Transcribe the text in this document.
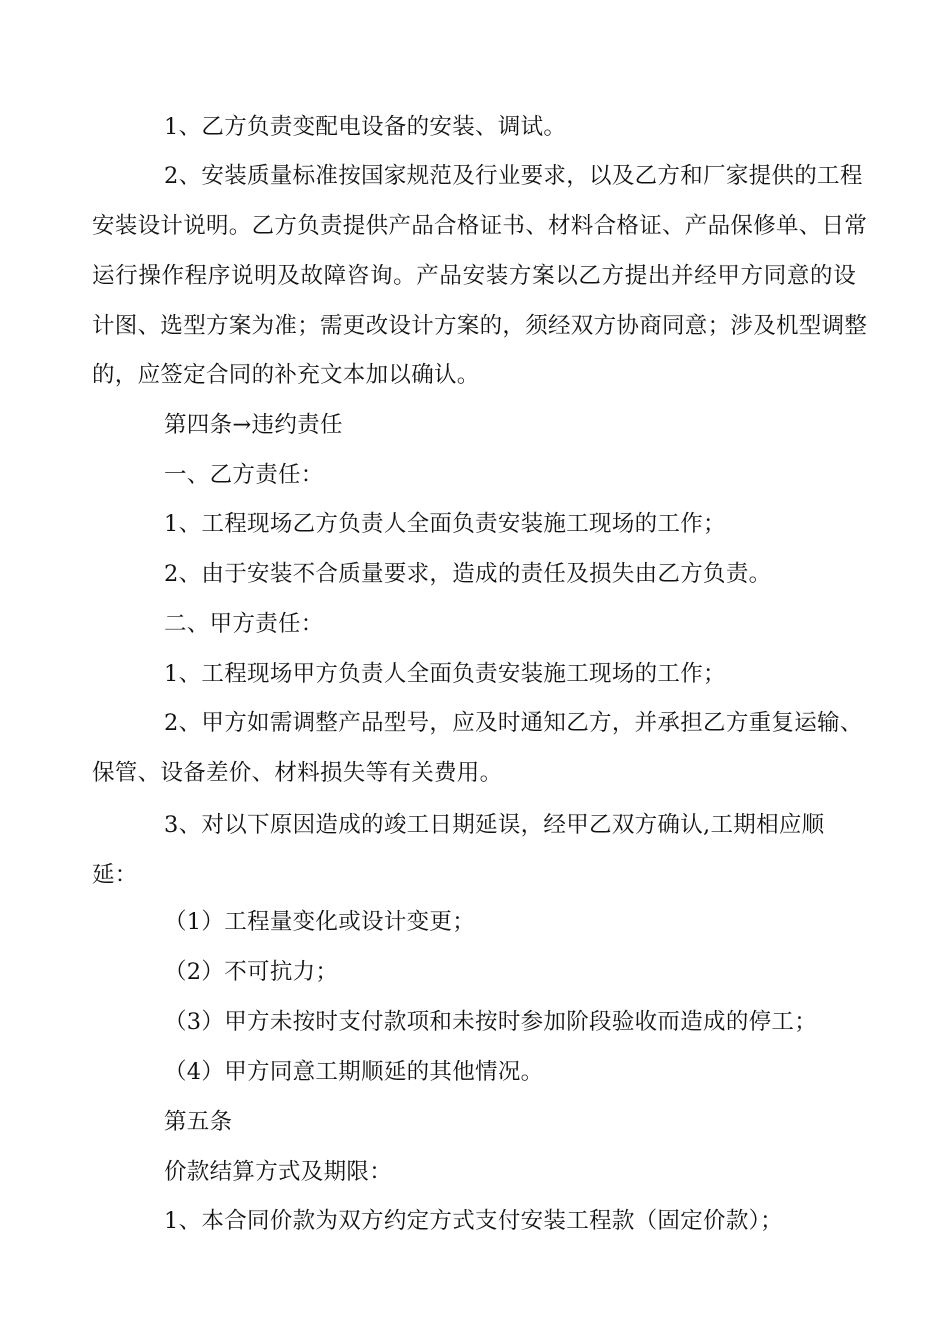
1、乙方负责变配电设备的安装、调试。
2、安装质量标准按国家规范及行业要求，以及乙方和厂家提供的工程
安装设计说明。乙方负责提供产品合格证书、材料合格证、产品保修单、日常
运行操作程序说明及故障咨询。产品安装方案以乙方提出并经甲方同意的设
计图、选型方案为准；需更改设计方案的，须经双方协商同意；涉及机型调整
的，应签定合同的补充文本加以确认。
第四条→违约责任
一、乙方责任：
1、工程现场乙方负责人全面负责安装施工现场的工作；
2、由于安装不合质量要求，造成的责任及损失由乙方负责。
二、甲方责任：
1、工程现场甲方负责人全面负责安装施工现场的工作；
2、甲方如需调整产品型号，应及时通知乙方，并承担乙方重复运输、
保管、设备差价、材料损失等有关费用。
3、对以下原因造成的竣工日期延误，经甲乙双方确认,工期相应顺
延：
（1）工程量变化或设计变更；
（2）不可抗力；
（3）甲方未按时支付款项和未按时参加阶段验收而造成的停工；
（4）甲方同意工期顺延的其他情况。
第五条
价款结算方式及期限：
1、本合同价款为双方约定方式支付安装工程款（固定价款）；
